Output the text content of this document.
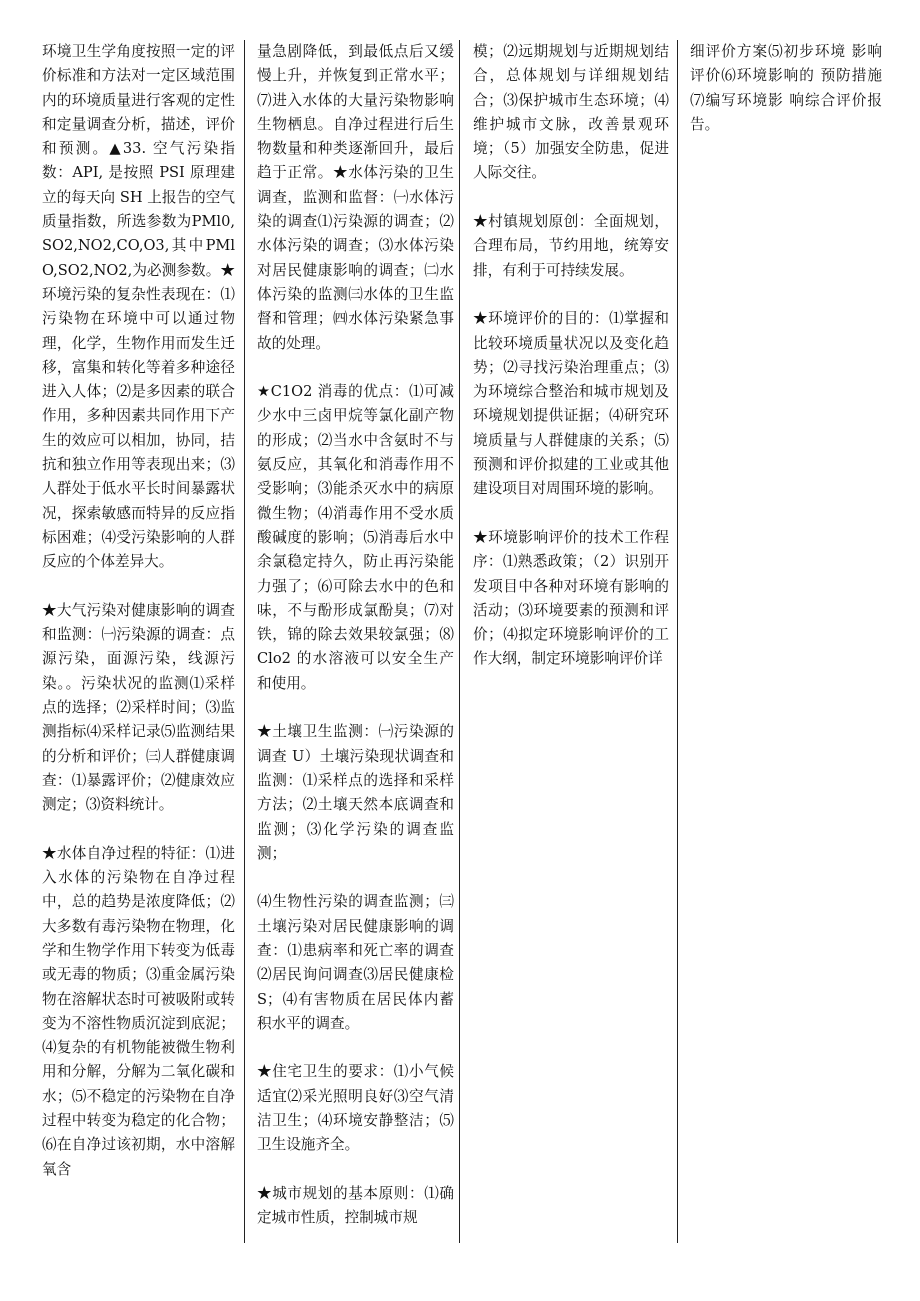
环境卫生学角度按照一定的评价标准和方法对一定区域范围内的环境质量进行客观的定性和定量调查分析，描述，评价和预测。▲33. 空气污染指数：API, 是按照 PSI 原理建立的每天向 SH 上报告的空气质量指数，所选参数为PMl0,SO2,NO2,CO,O3,其中PMlO,SO2,NO2,为必测参数。★环境污染的复杂性表现在：⑴污染物在环境中可以通过物理，化学，生物作用而发生迁移，富集和转化等着多种途径进入人体；⑵是多因素的联合作用，多种因素共同作用下产生的效应可以相加，协同，拮抗和独立作用等表现出来；⑶人群处于低水平长时间暴露状况，探索敏感而特异的反应指标困难；⑷受污染影响的人群反应的个体差异大。

★大气污染对健康影响的调查和监测：㈠污染源的调查：点源污染，面源污染，线源污染。。污染状况的监测⑴采样点的选择；⑵采样时间；⑶监测指标⑷采样记录⑸监测结果的分析和评价；㈢人群健康调查：⑴暴露评价；⑵健康效应测定；⑶资料统计。

★水体自净过程的特征：⑴进入水体的污染物在自净过程中，总的趋势是浓度降低；⑵大多数有毒污染物在物理，化学和生物学作用下转变为低毒或无毒的物质；⑶重金属污染物在溶解状态时可被吸附或转变为不溶性物质沉淀到底泥；⑷复杂的有机物能被微生物利用和分解，分解为二氧化碳和水；⑸不稳定的污染物在自净过程中转变为稳定的化合物；⑹在自净过该初期，水中溶解氧含

量急剧降低，到最低点后又缓慢上升，并恢复到正常水平；⑺进入水体的大量污染物影响生物栖息。自净过程进行后生物数量和种类逐渐回升，最后趋于正常。★水体污染的卫生调查，监测和监督：㈠水体污染的调查⑴污染源的调查；⑵水体污染的调查；⑶水体污染对居民健康影响的调查；㈡水体污染的监测㈢水体的卫生监督和管理；㈣水体污染紧急事故的处理。

★C1O2 消毒的优点：⑴可减少水中三卤甲烷等氯化副产物的形成；⑵当水中含氨时不与氨反应，其氧化和消毒作用不受影响；⑶能杀灭水中的病原微生物；⑷消毒作用不受水质酸碱度的影响；⑸消毒后水中余氯稳定持久，防止再污染能力强了；⑹可除去水中的色和味，不与酚形成氯酚臭；⑺对铁，锦的除去效果较氯强；⑻Clo2 的水溶液可以安全生产和使用。

★土壤卫生监测：㈠污染源的调查 U）土壤污染现状调查和监测：⑴采样点的选择和采样方法；⑵土壤天然本底调查和监测；⑶化学污染的调查监测；

⑷生物性污染的调查监测；㈢土壤污染对居民健康影响的调查：⑴患病率和死亡率的调查⑵居民询问调查⑶居民健康检 S；⑷有害物质在居民体内蓄积水平的调查。

★住宅卫生的要求：⑴小气候适宜⑵采光照明良好⑶空气清洁卫生；⑷环境安静整洁；⑸卫生设施齐全。

★城市规划的基本原则：⑴确定城市性质，控制城市规

模；⑵远期规划与近期规划结合，总体规划与详细规划结合；⑶保护城市生态环境；⑷维护城市文脉，改善景观环境；（5）加强安全防患，促进人际交往。

★村镇规划原创：全面规划，合理布局，节约用地，统筹安排，有利于可持续发展。

★环境评价的目的：⑴掌握和比较环境质量状况以及变化趋势；⑵寻找污染治理重点；⑶为环境综合整治和城市规划及环境规划提供证据；⑷研究环境质量与人群健康的关系；⑸预测和评价拟建的工业或其他建设项目对周围环境的影响。

★环境影响评价的技术工作程序：⑴熟悉政策；（2）识别开发项目中各种对环境有影响的活动；⑶环境要素的预测和评价；⑷拟定环境影响评价的工作大纲，制定环境影响评价详

细评价方案⑸初步环境 影响评价⑹环境影响的 预防措施⑺编写环境影 响综合评价报告。
